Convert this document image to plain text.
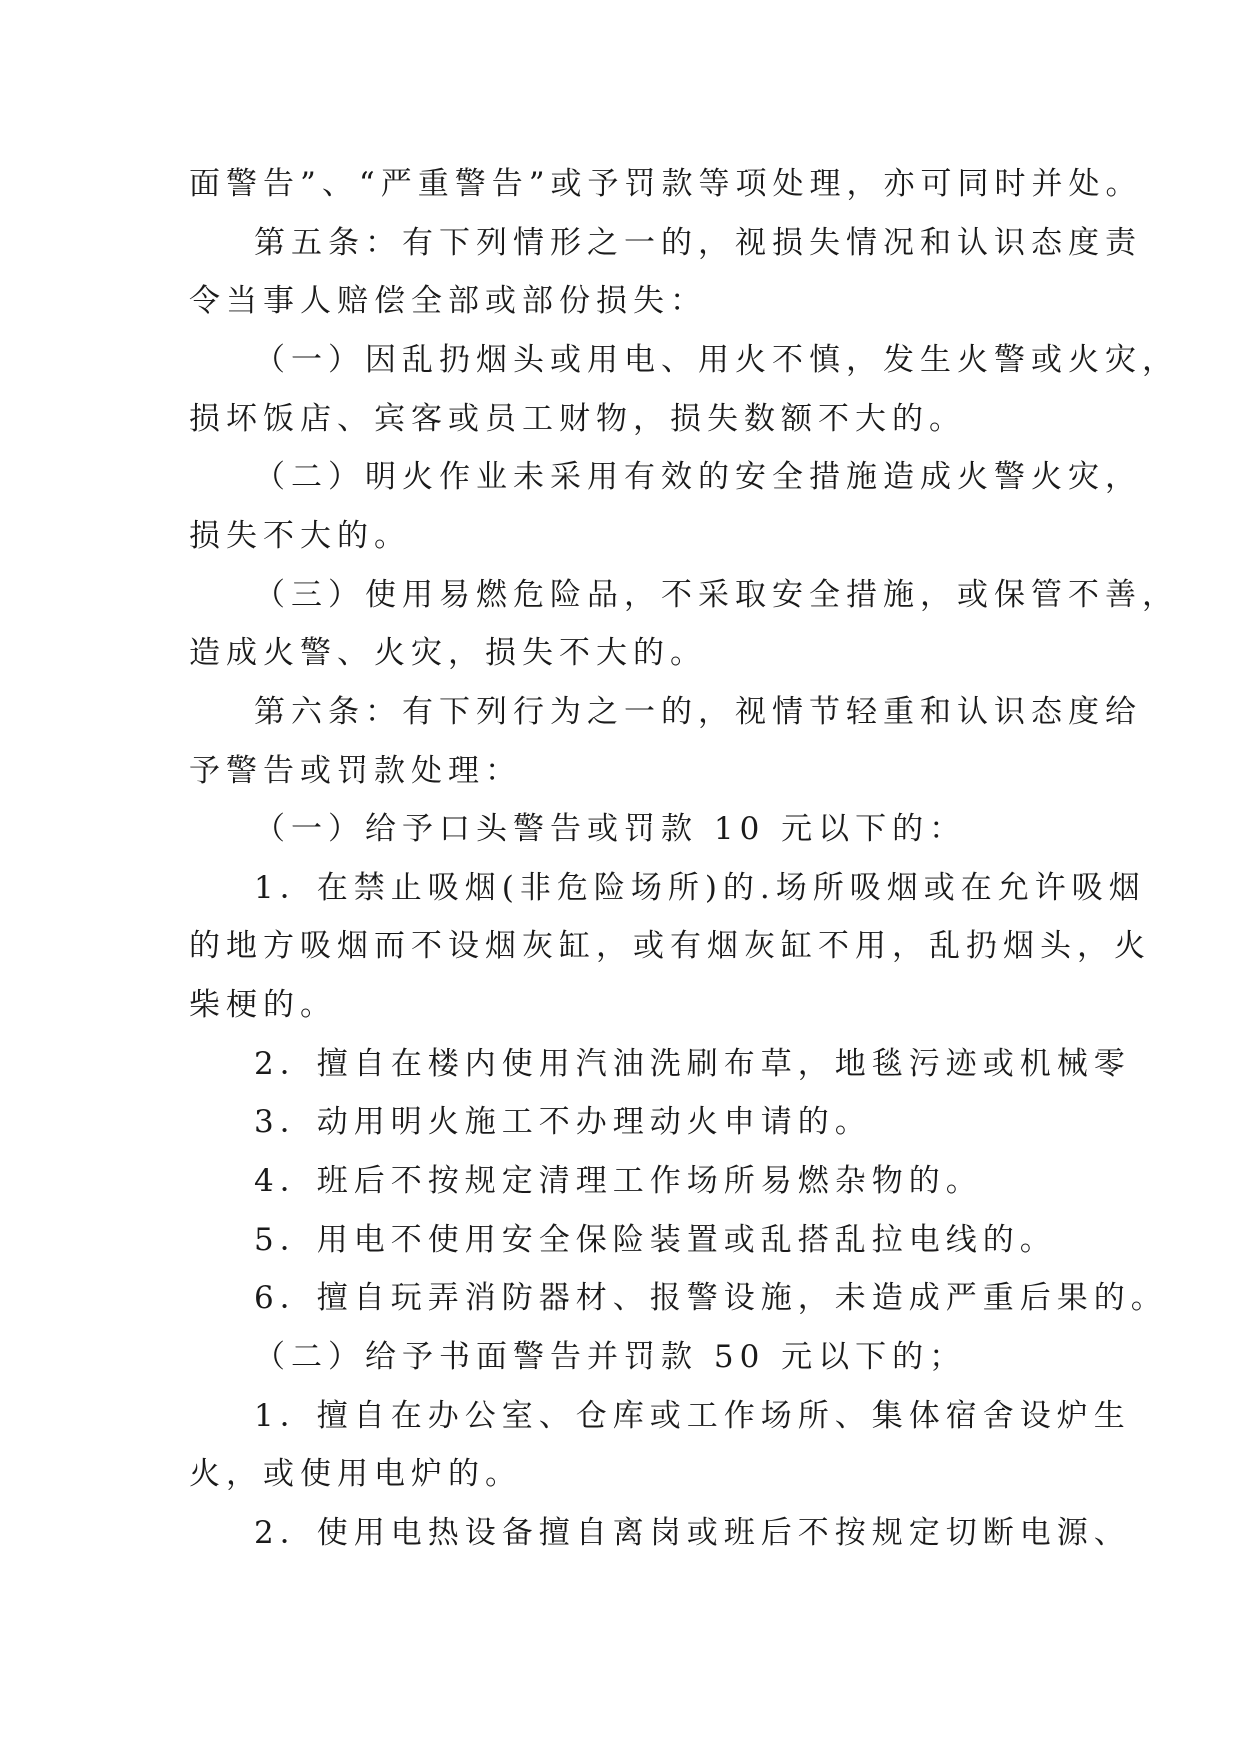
面警告”、“严重警告”或予罚款等项处理，亦可同时并处。
第五条：有下列情形之一的，视损失情况和认识态度责
令当事人赔偿全部或部份损失：
（一）因乱扔烟头或用电、用火不慎，发生火警或火灾，
损坏饭店、宾客或员工财物，损失数额不大的。
（二）明火作业未采用有效的安全措施造成火警火灾，
损失不大的。
（三）使用易燃危险品，不采取安全措施，或保管不善，
造成火警、火灾，损失不大的。
第六条：有下列行为之一的，视情节轻重和认识态度给
予警告或罚款处理：
（一）给予口头警告或罚款 10 元以下的：
1．在禁止吸烟(非危险场所)的.场所吸烟或在允许吸烟
的地方吸烟而不设烟灰缸，或有烟灰缸不用，乱扔烟头，火
柴梗的。
2．擅自在楼内使用汽油洗刷布草，地毯污迹或机械零
3．动用明火施工不办理动火申请的。
4．班后不按规定清理工作场所易燃杂物的。
5．用电不使用安全保险装置或乱搭乱拉电线的。
6．擅自玩弄消防器材、报警设施，未造成严重后果的。
（二）给予书面警告并罚款 50 元以下的；
1．擅自在办公室、仓库或工作场所、集体宿舍设炉生
火，或使用电炉的。
2．使用电热设备擅自离岗或班后不按规定切断电源、
